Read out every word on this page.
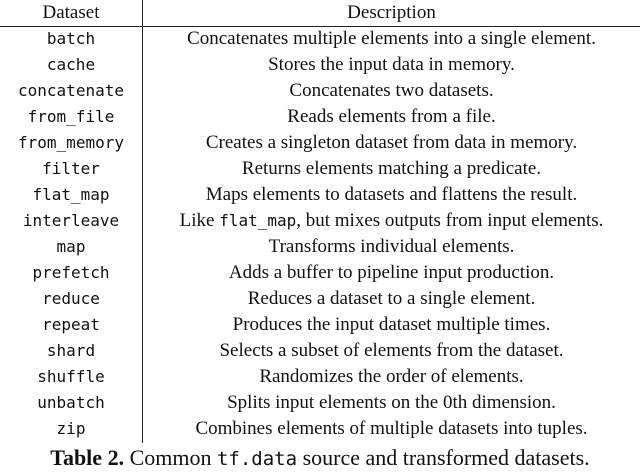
Dataset	Description
batch	Concatenates multiple elements into a single element.
cache	Stores the input data in memory.
concatenate	Concatenates two datasets.
from_file	Reads elements from a file.
from_memory	Creates a singleton dataset from data in memory.
filter	Returns elements matching a predicate.
flat_map	Maps elements to datasets and flattens the result.
interleave	Like flat_map, but mixes outputs from input elements.
map	Transforms individual elements.
prefetch	Adds a buffer to pipeline input production.
reduce	Reduces a dataset to a single element.
repeat	Produces the input dataset multiple times.
shard	Selects a subset of elements from the dataset.
shuffle	Randomizes the order of elements.
unbatch	Splits input elements on the 0th dimension.
zip	Combines elements of multiple datasets into tuples.
Table 2. Common tf.data source and transformed datasets.
